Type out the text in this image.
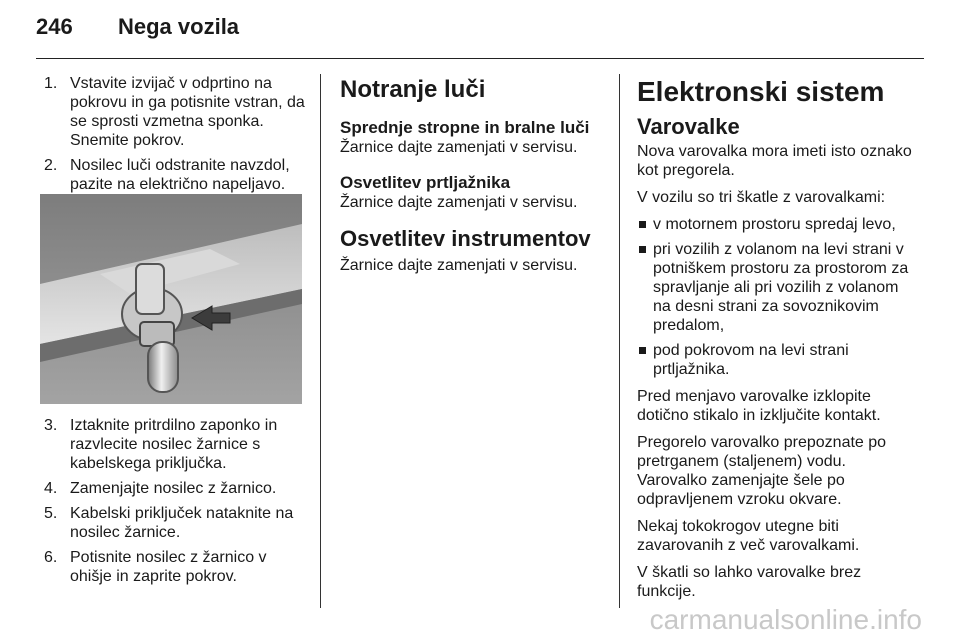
246 Nega vozila
1. Vstavite izvijač v odprtino na pokrovu in ga potisnite vstran, da se sprosti vzmetna sponka. Snemite pokrov.
2. Nosilec luči odstranite navzdol, pazite na električno napeljavo.
3. Iztaknite pritrdilno zaponko in razvlecite nosilec žarnice s kabelskega priključka.
4. Zamenjajte nosilec z žarnico.
5. Kabelski priključek nataknite na nosilec žarnice.
6. Potisnite nosilec z žarnico v ohišje in zaprite pokrov.
Notranje luči
Sprednje stropne in bralne luči

Žarnice dajte zamenjati v servisu.

Osvetlitev prtljažnika

Žarnice dajte zamenjati v servisu.

Osvetlitev instrumentov

Žarnice dajte zamenjati v servisu.

Elektronski sistem
Varovalke

Nova varovalka mora imeti isto oznako kot pregorela.

V vozilu so tri škatle z varovalkami:

v motornem prostoru spredaj levo,
pri vozilih z volanom na levi strani v potniškem prostoru za prostorom za spravljanje ali pri vozilih z volanom na desni strani za sovoznikovim predalom,
pod pokrovom na levi strani prtljažnika.

Pred menjavo varovalke izklopite dotično stikalo in izključite kontakt.

Pregorelo varovalko prepoznate po pretrganem (staljenem) vodu. Varovalko zamenjajte šele po odpravljenem vzroku okvare.

Nekaj tokokrogov utegne biti zavarovanih z več varovalkami.

V škatli so lahko varovalke brez funkcije.

carmanualsonline.info
